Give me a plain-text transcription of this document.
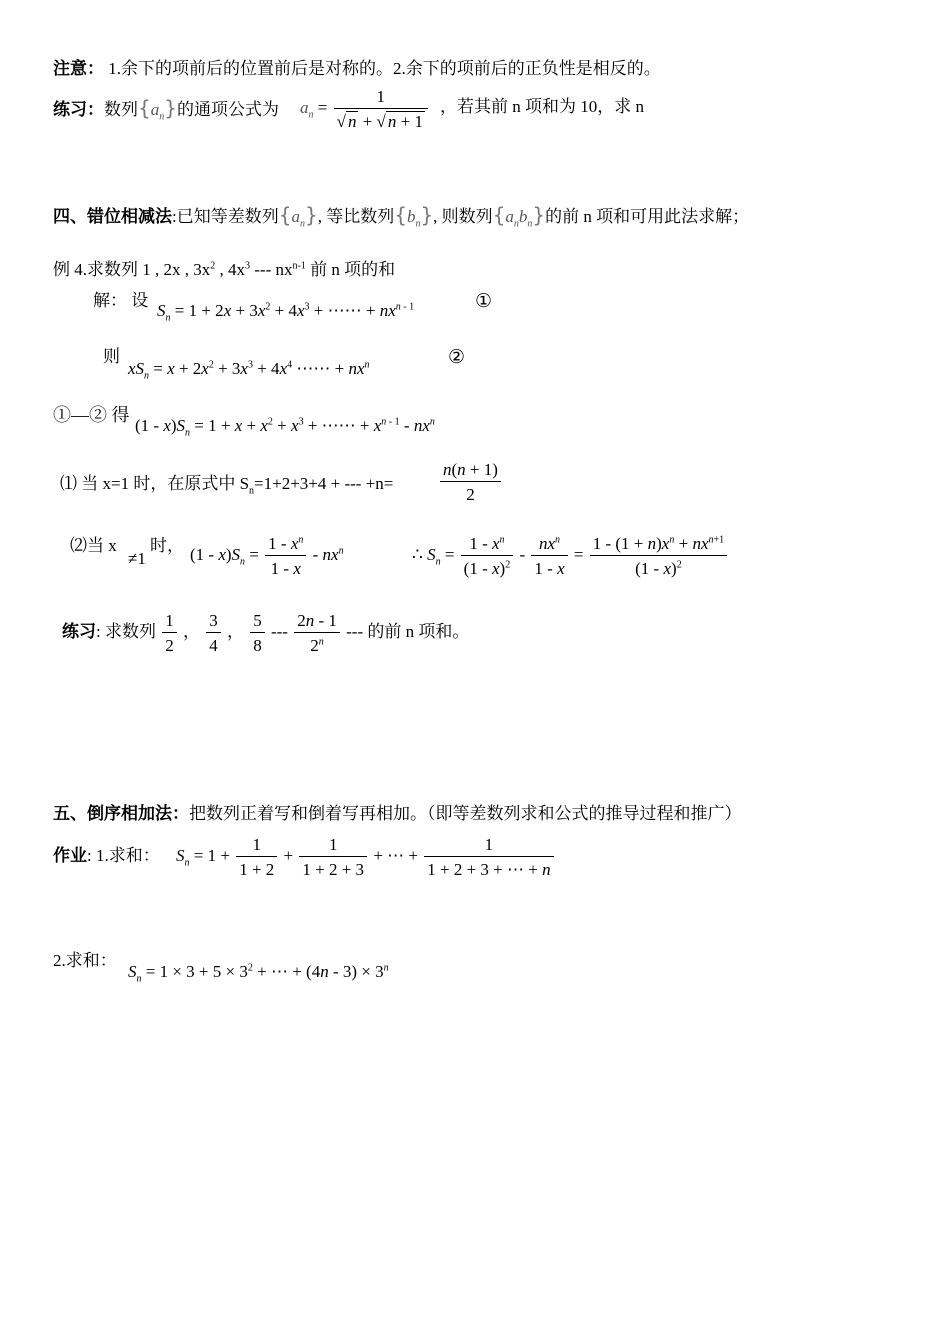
注意： 1.余下的项前后的位置前后是对称的。2.余下的项前后的正负性是相反的。
练习：数列$\{a_n\}$的通项公式为 $a_n = \frac{1}{√ n + √ n + 1}$ ，若其前 n 项和为 10，求 n
四、错位相减法:已知等差数列$\{a_n\}$, 等比数列$\{b_n\}$, 则数列$\{a_nb_n\}$的前 n 项和可用此法求解；
例 4.求数列 1 , 2x , $3x^2$ , $4x^3$ --- $nx^{n-1}$ 前 n 项的和
解： 设
$S_n = 1 + 2x + 3x^2 + 4x^3$ + ⋯⋯ + $nx^{n - 1}$	①
则
$xS_n = x + 2x^2 + 3x^3 + 4x^4$ ⋯⋯ + $nx^n$	②
①—② 得
$(1 - x)S_n = 1 + x + x^2 + x^3$ + ⋯⋯ + $x^{n - 1} - nx^n$
⑴ 当 x=1 时，在原式中 $S_n=1+2+3+4$ + --- +n=	$\frac{n(n + 1)}{2}$
⑵当 x
≠1
时， $(1 - x)S_n = \frac{1 - x^n}{1 - x} - nx^n$	∴ $S_n = \frac{1 - x^n}{(1 - x)^2} - \frac{nx^n}{1 - x} = \frac{1 - (1 + n)x^n + nx^{n+1}}{(1 - x)^2}$
练习: 求数列 $\frac{1}{2}$ ， $\frac{3}{4}$ ， $\frac{5}{8}$ --- $\frac{2n - 1}{2^n}$ --- 的前 n 项和。
五、倒序相加法：把数列正着写和倒着写再相加。（即等差数列求和公式的推导过程和推广）
作业: 1.求和： $S_n = 1 + \frac{1}{1 + 2} + \frac{1}{1 + 2 + 3}$ + ⋯ + $\frac{1}{1 + 2 + 3 + \cdots + n}$
2.求和：
$S_n = 1 \times 3 + 5 \times 3^2$ + ⋯ + $(4n - 3) \times 3^n$
